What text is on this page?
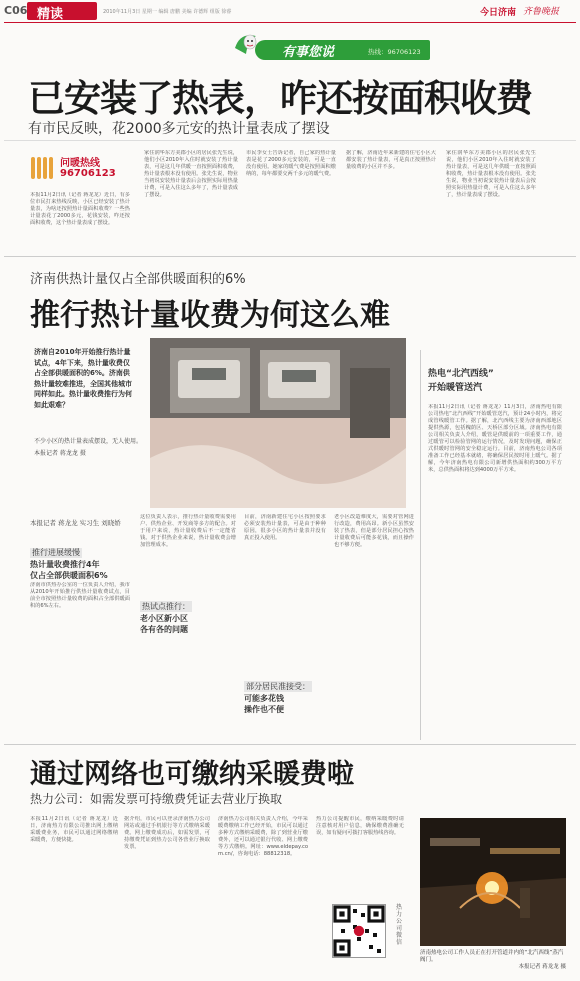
C06 精读	2010年11月3日 星期一 编辑 唐鹏 美编 许德辉 组版 徐睿	今日济南 齐鲁晚报
有事您说	热线：96706123
已安装了热表，咋还按面积收费
有市民反映，花2000多元安的热计量表成了摆设
问暖热线
96706123
本报11月2日讯（记者 蒋龙龙）近日，有多位市民打来热线反映，小区已经安装了热计量表，为啥还按照热计量面积收费？一些热计量表花了2000多元，花钱安装，咋还按面积收费，这个热计量表成了摆设。
家住润华东方美郡小区的居民张先生说，他们小区2010年入住时就安装了热计量表，可是这几年供暖一直按照面积收费，热计量表根本没有使用。张先生说，物业当初说安装热计量表后会按照实际用热量计费，可是入住这么多年了，热计量表成了摆设。
市民李女士告诉记者，自己家的热计量表是花了2000多元安装的，可是一直没有使用。她家的暖气费是按照面积缴纳的，每年都要交两千多元的暖气费。
据了解，济南近年来新建的住宅小区大都安装了热计量表，可是真正按照热计量收费的小区并不多。
家住润华东方美郡小区的居民张先生说，他们小区2010年入住时就安装了热计量表，可是这几年供暖一直按照面积收费，热计量表根本没有使用。张先生说，物业当初说安装热计量表后会按照实际用热量计费，可是入住这么多年了，热计量表成了摆设。
济南供热计量仅占全部供暖面积的6%
推行热计量收费为何这么难
济南自2010年开始推行热计量试点，4年下来，热计量收费仅占全部供暖面积的6%。济南供热计量较难推进，全国其他城市同样如此。热计量收费推行为何如此艰难？
不少小区的热计量表成摆设，无人使用。
本报记者 蒋龙龙 摄
本报记者 蒋龙龙 实习生 刘晓娇
推行进展缓慢
热计量收费推行4年
仅占全部供暖面积6%
济南市供热办公室的一位负责人介绍，我市从2010年开始推行供热计量收费试点，目前全市按照热计量收费的面积占全部供暖面积的6%左右。
这位负责人表示，推行热计量收费需要用户、供热企业、开发商等多方的配合。对于用户来说，热计量收费后不一定能省钱。对于供热企业来说，热计量收费会增加管理成本。
热试点推行：
老小区新小区
各有各的问题
目前，济南新建住宅小区按照要求必须安装热计量表，可是由于种种原因，很多小区的热计量表并没有真正投入使用。
部分居民准接受：
可能多花钱
操作也不便
老小区改造难度大，需要对管网进行改造，费用高昂。新小区虽然安装了热表，但是部分居民担心按热计量收费后可能多花钱，而且操作也不够方便。
热电“北汽西线”
开始暖管送汽
本报11月2日讯（记者 蒋龙龙）11月3日，济南热电有限公司热电“北汽西线”开始暖管送汽，预计24小时内，将完成管线暖管工作。据了解，北汽西线主要为济南西部地区提供热源，包括槐荫区、天桥区部分区域。济南热电有限公司相关负责人介绍，暖管是供暖前的一项重要工作，通过暖管可以检验管网的运行情况，及时发现问题，确保正式供暖时管网的安全稳定运行。目前，济南热电公司各项准备工作已经基本就绪，将确保居民按时用上暖气。据了解，今年济南热电有限公司新增供热面积约300万平方米，总供热面积将达到4000万平方米。
通过网络也可缴纳采暖费啦
热力公司：如需发票可持缴费凭证去营业厅换取
本报11月2日讯（记者 蒋龙龙）近日，济南热力有限公司推出网上缴纳采暖费业务，市民可以通过网络缴纳采暖费，方便快捷。
据介绍，市民可以登录济南热力公司网站或通过手机银行等方式缴纳采暖费。网上缴费成功后，如需发票，可持缴费凭证到热力公司各营业厅换取发票。
济南热力公司相关负责人介绍，今年采暖费缴纳工作已经开始，市民可以通过多种方式缴纳采暖费，除了到营业厅缴费外，还可以通过银行代收、网上缴费等方式缴纳。网址：www.eldepay.com.cn/，咨询电话：88812318。
热力公司提醒市民，缴纳采暖费时请注意核对用户信息，确保缴费准确无误，如有疑问可拨打客服热线咨询。
热力公司微信
济南热电公司工作人员正在打开管道并内的“北汽西线”蒸汽阀门。
本报记者 蒋龙龙 摄
